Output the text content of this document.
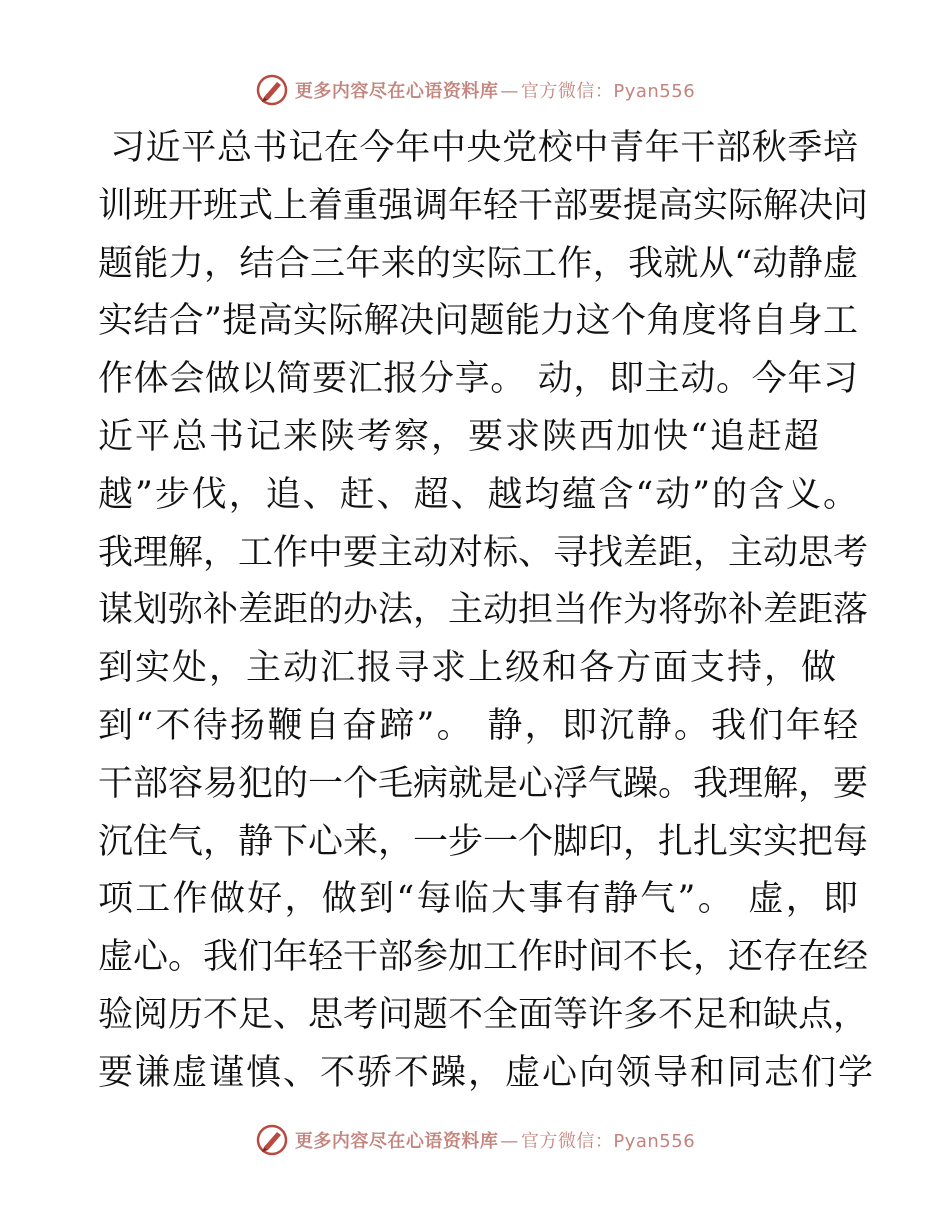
更多内容尽在心语资料库 — 官方微信：Pyan556
习近平总书记在今年中央党校中青年干部秋季培
训班开班式上着重强调年轻干部要提高实际解决问
题能力，结合三年来的实际工作，我就从“动静虚
实结合”提高实际解决问题能力这个角度将自身工
作体会做以简要汇报分享。 动，即主动。今年习
近平总书记来陕考察，要求陕西加快“追赶超
越”步伐，追、赶、超、越均蕴含“动”的含义。
我理解，工作中要主动对标、寻找差距，主动思考
谋划弥补差距的办法，主动担当作为将弥补差距落
到实处，主动汇报寻求上级和各方面支持，做
到“不待扬鞭自奋蹄”。 静，即沉静。我们年轻
干部容易犯的一个毛病就是心浮气躁。我理解，要
沉住气，静下心来，一步一个脚印，扎扎实实把每
项工作做好，做到“每临大事有静气”。 虚，即
虚心。我们年轻干部参加工作时间不长，还存在经
验阅历不足、思考问题不全面等许多不足和缺点，
要谦虚谨慎、不骄不躁，虚心向领导和同志们学
更多内容尽在心语资料库 — 官方微信：Pyan556
